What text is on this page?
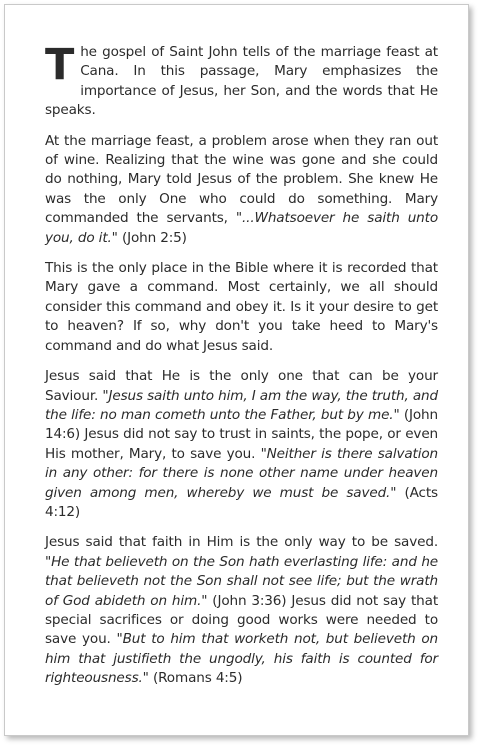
The gospel of Saint John tells of the marriage feast at Cana. In this passage, Mary emphasizes the importance of Jesus, her Son, and the words that He speaks.

At the marriage feast, a problem arose when they ran out of wine. Realizing that the wine was gone and she could do nothing, Mary told Jesus of the problem. She knew He was the only One who could do something. Mary commanded the servants, "...Whatsoever he saith unto you, do it." (John 2:5)

This is the only place in the Bible where it is recorded that Mary gave a command. Most certainly, we all should consider this command and obey it. Is it your desire to get to heaven? If so, why don't you take heed to Mary's command and do what Jesus said.

Jesus said that He is the only one that can be your Saviour. "Jesus saith unto him, I am the way, the truth, and the life: no man cometh unto the Father, but by me." (John 14:6) Jesus did not say to trust in saints, the pope, or even His mother, Mary, to save you. "Neither is there salvation in any other: for there is none other name under heaven given among men, whereby we must be saved." (Acts 4:12)

Jesus said that faith in Him is the only way to be saved. "He that believeth on the Son hath everlasting life: and he that believeth not the Son shall not see life; but the wrath of God abideth on him." (John 3:36) Jesus did not say that special sacrifices or doing good works were needed to save you. "But to him that worketh not, but believeth on him that justifieth the ungodly, his faith is counted for righteousness." (Romans 4:5)
